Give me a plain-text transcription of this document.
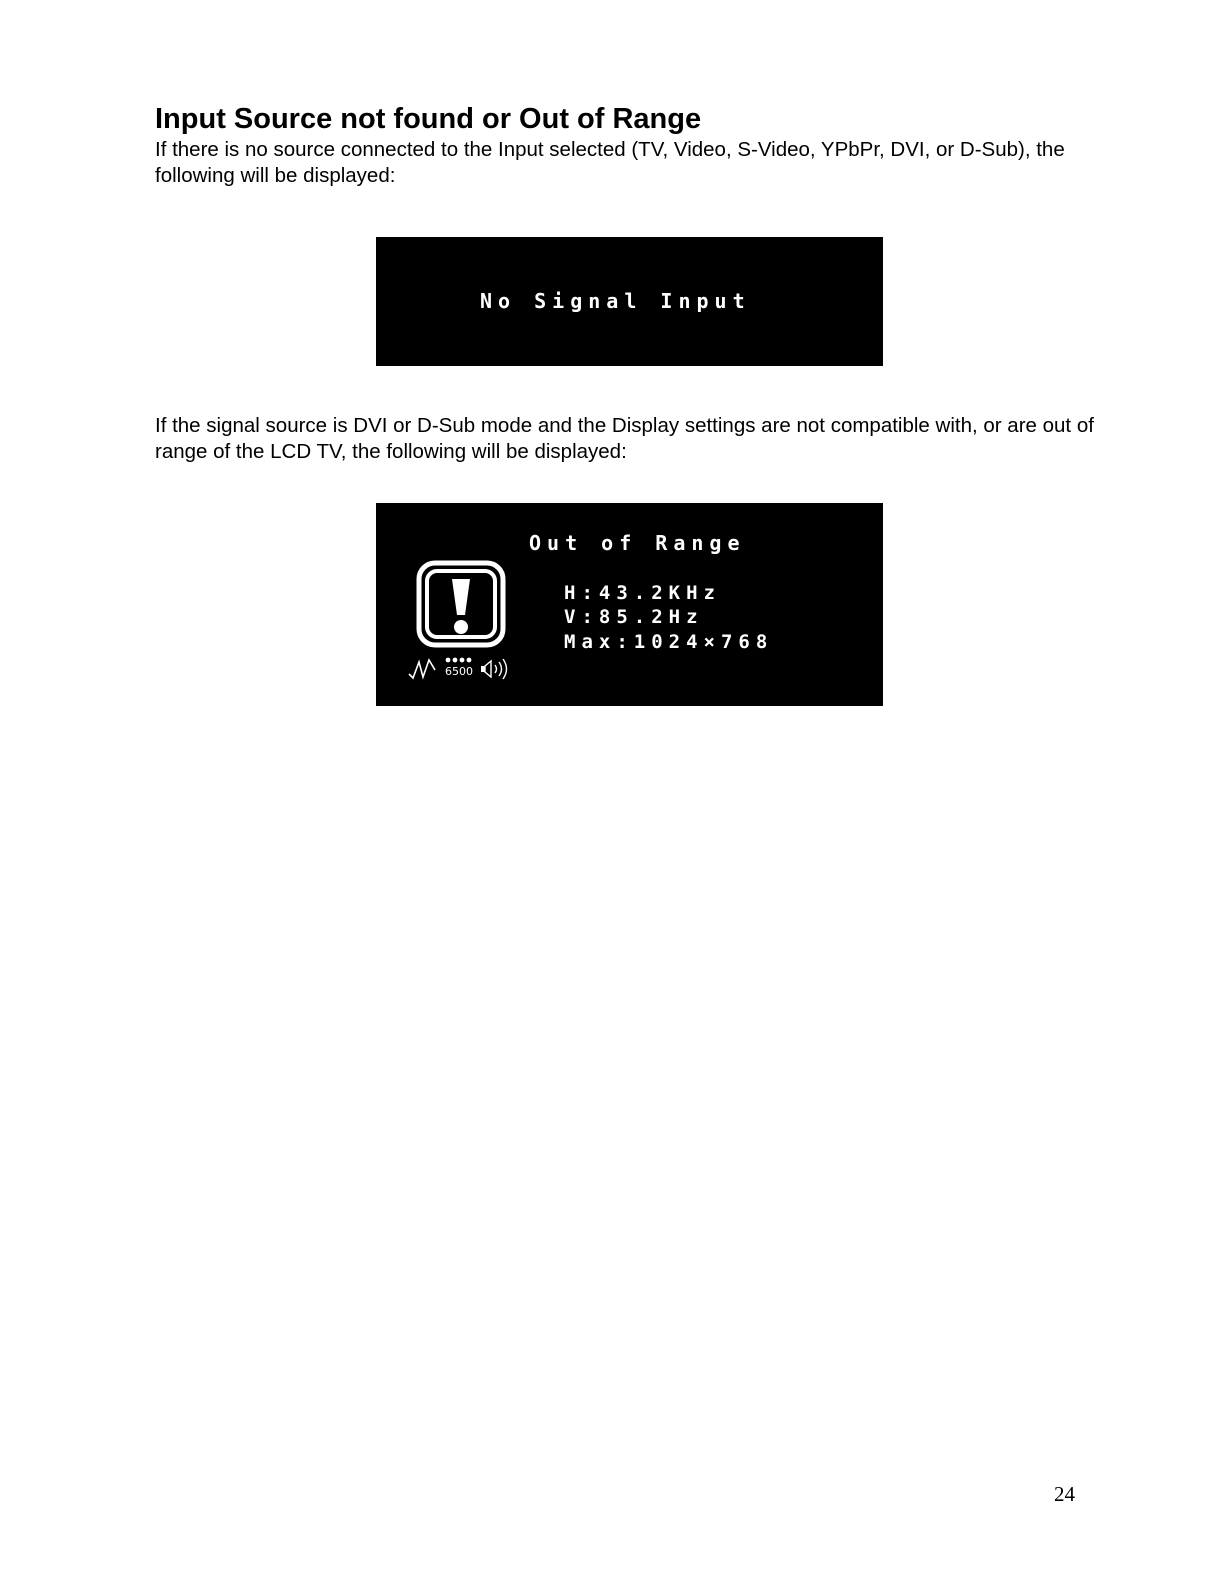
Input Source not found or Out of Range

If there is no source connected to the Input selected (TV, Video, S-Video, YPbPr, DVI, or D-Sub), the following will be displayed:

No Signal Input

If the signal source is DVI or D-Sub mode and the Display settings are not compatible with, or are out of range of the LCD TV, the following will be displayed:

Out of Range
6500
H:43.2KHz
V:85.2Hz
Max:1024×768
24
